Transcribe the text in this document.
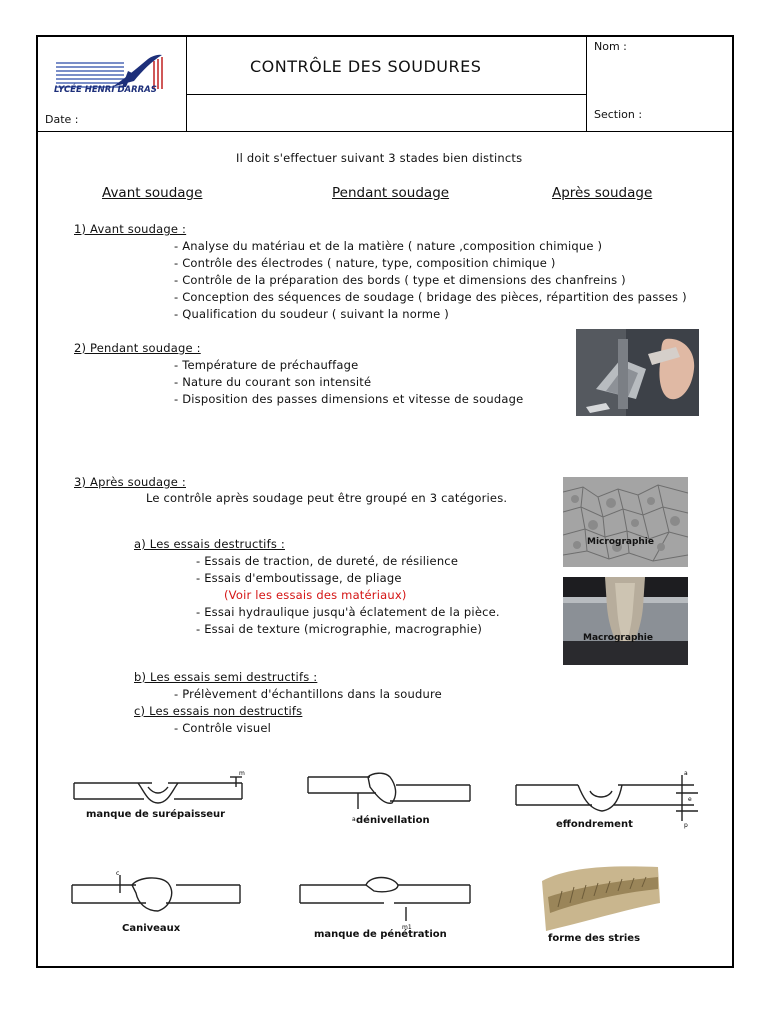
LYCÉE HENRI DARRAS
Date :
CONTRÔLE DES SOUDURES
Nom :
Section :
Il doit s'effectuer suivant 3 stades bien distincts
Avant soudage	Pendant soudage	Après soudage
1) Avant soudage :
- Analyse du matériau et de la matière ( nature ,composition chimique )
- Contrôle des électrodes ( nature, type, composition chimique )
- Contrôle de la préparation des bords ( type et dimensions des chanfreins )
- Conception des séquences de soudage ( bridage des pièces, répartition des passes )
- Qualification du soudeur ( suivant la norme )
2) Pendant soudage :
- Température de préchauffage
- Nature du courant son intensité
- Disposition des passes dimensions et vitesse de soudage
3) Après soudage :
Le contrôle après soudage peut être groupé en 3 catégories.
a) Les essais destructifs :
- Essais de traction, de dureté, de résilience
- Essais d'emboutissage, de pliage
(Voir les essais des matériaux)
- Essai hydraulique jusqu'à éclatement de la pièce.
- Essai de texture (micrographie, macrographie)
b) Les essais semi destructifs :
- Prélèvement d'échantillons dans la soudure
c) Les essais non destructifs
- Contrôle visuel
Micrographie
Macrographie
m
manque de surépaisseur	a dénivellation
a
e
p
effondrement
c
Caniveaux	m1
manque de pénétration	forme des stries
